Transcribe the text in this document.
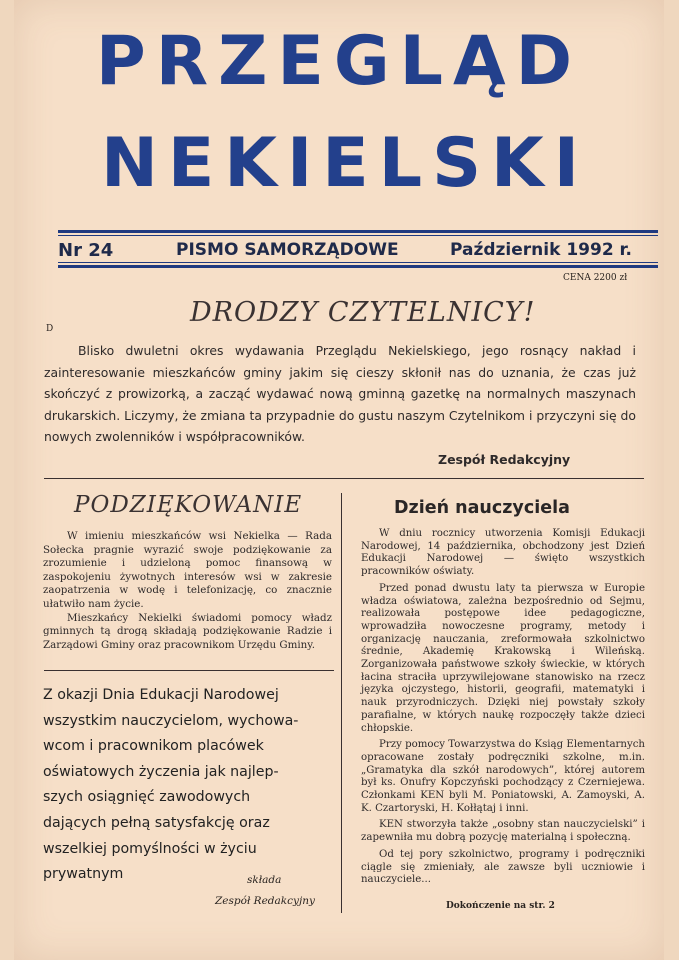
PRZEGLĄD
NEKIELSKI
Nr 24	PISMO SAMORZĄDOWE	Październik 1992 r.
CENA 2200 zł
DRODZY CZYTELNICY!
D
Blisko dwuletni okres wydawania Przeglądu Nekielskiego, jego rosnący nakład i zainteresowanie mieszkańców gminy jakim się cieszy skłonił nas do uznania, że czas już skończyć z prowizorką, a zacząć wydawać nową gminną gazetkę na normalnych maszynach drukarskich. Liczymy, że zmiana ta przypadnie do gustu naszym Czytelnikom i przyczyni się do nowych zwolenników i współpracowników.
Zespół Redakcyjny
PODZIĘKOWANIE

W imieniu mieszkańców wsi Nekielka — Rada Sołecka pragnie wyrazić swoje podziękowanie za zrozumienie i udzieloną pomoc finansową w zaspokojeniu żywotnych interesów wsi w zakresie zaopatrzenia w wodę i telefonizację, co znacznie ułatwiło nam życie.

Mieszkańcy Nekielki świadomi pomocy władz gminnych tą drogą składają podziękowanie Radzie i Zarządowi Gminy oraz pracownikom Urzędu Gminy.

Z okazji Dnia Edukacji Narodowej
wszystkim nauczycielom, wychowa-
wcom i pracownikom placówek
oświatowych życzenia jak najlep-
szych osiągnięć zawodowych
dających pełną satysfakcję oraz
wszelkiej pomyślności w życiu
prywatnym	składa
Zespół Redakcyjny
Dzień nauczyciela

W dniu rocznicy utworzenia Komisji Edukacji Narodowej, 14 października, obchodzony jest Dzień Edukacji Narodowej — święto wszystkich pracowników oświaty.

Przed ponad dwustu laty ta pierwsza w Europie władza oświatowa, zależna bezpośrednio od Sejmu, realizowała postępowe idee pedagogiczne, wprowadziła nowoczesne programy, metody i organizację nauczania, zreformowała szkolnictwo średnie, Akademię Krakowską i Wileńską. Zorganizowała państwowe szkoły świeckie, w których łacina straciła uprzywilejowane stanowisko na rzecz języka ojczystego, historii, geografii, matematyki i nauk przyrodniczych. Dzięki niej powstały szkoły parafialne, w których naukę rozpoczęły także dzieci chłopskie.

Przy pomocy Towarzystwa do Ksiąg Elementarnych opracowane zostały podręczniki szkolne, m.in. „Gramatyka dla szkół narodowych”, której autorem był ks. Onufry Kopczyński pochodzący z Czerniejewa. Członkami KEN byli M. Poniatowski, A. Zamoyski, A. K. Czartoryski, H. Kołłątaj i inni.

KEN stworzyła także „osobny stan nauczycielski” i zapewniła mu dobrą pozycję materialną i społeczną.

Od tej pory szkolnictwo, programy i podręczniki ciągle się zmieniały, ale zawsze byli uczniowie i nauczyciele...

Dokończenie na str. 2
